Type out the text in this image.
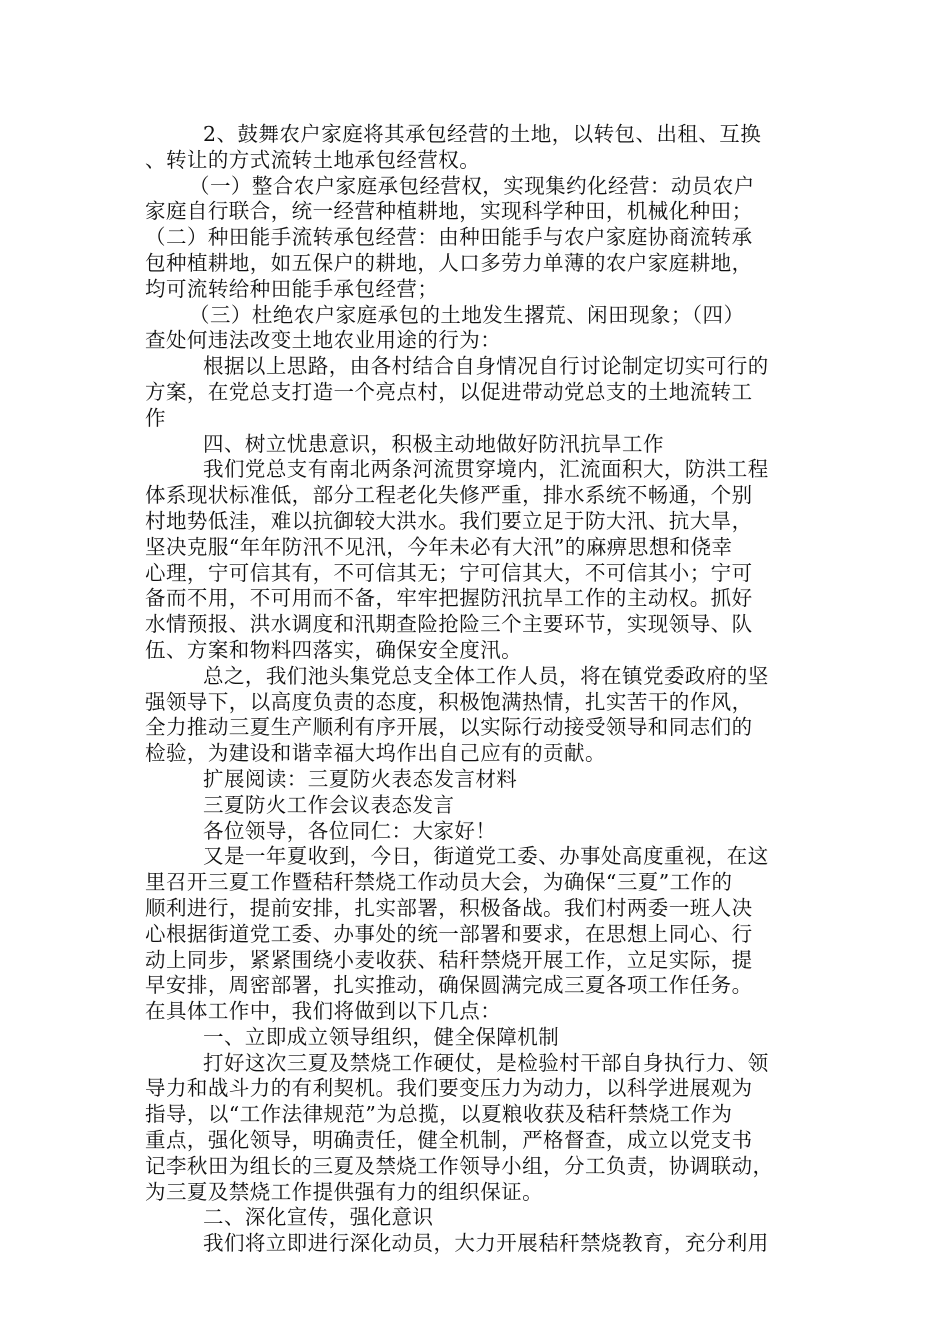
2、鼓舞农户家庭将其承包经营的土地，以转包、出租、互换
、转让的方式流转土地承包经营权。
（一）整合农户家庭承包经营权，实现集约化经营：动员农户
家庭自行联合，统一经营种植耕地，实现科学种田，机械化种田；
（二）种田能手流转承包经营：由种田能手与农户家庭协商流转承
包种植耕地，如五保户的耕地，人口多劳力单薄的农户家庭耕地，
均可流转给种田能手承包经营；
（三）杜绝农户家庭承包的土地发生撂荒、闲田现象；（四）
查处何违法改变土地农业用途的行为：
根据以上思路，由各村结合自身情况自行讨论制定切实可行的
方案，在党总支打造一个亮点村，以促进带动党总支的土地流转工
作
四、树立忧患意识，积极主动地做好防汛抗旱工作
我们党总支有南北两条河流贯穿境内，汇流面积大，防洪工程
体系现状标准低，部分工程老化失修严重，排水系统不畅通，个别
村地势低洼，难以抗御较大洪水。我们要立足于防大汛、抗大旱，
坚决克服“年年防汛不见汛，今年未必有大汛”的麻痹思想和侥幸
心理，宁可信其有，不可信其无；宁可信其大，不可信其小；宁可
备而不用，不可用而不备，牢牢把握防汛抗旱工作的主动权。抓好
水情预报、洪水调度和汛期查险抢险三个主要环节，实现领导、队
伍、方案和物料四落实，确保安全度汛。
总之，我们池头集党总支全体工作人员，将在镇党委政府的坚
强领导下，以高度负责的态度，积极饱满热情，扎实苦干的作风，
全力推动三夏生产顺利有序开展，以实际行动接受领导和同志们的
检验，为建设和谐幸福大坞作出自己应有的贡献。
扩展阅读：三夏防火表态发言材料
三夏防火工作会议表态发言
各位领导，各位同仁：大家好！
又是一年夏收到，今日，街道党工委、办事处高度重视，在这
里召开三夏工作暨秸秆禁烧工作动员大会，为确保“三夏”工作的
顺利进行，提前安排，扎实部署，积极备战。我们村两委一班人决
心根据街道党工委、办事处的统一部署和要求，在思想上同心、行
动上同步，紧紧围绕小麦收获、秸秆禁烧开展工作，立足实际，提
早安排，周密部署，扎实推动，确保圆满完成三夏各项工作任务。
在具体工作中，我们将做到以下几点：
一、立即成立领导组织，健全保障机制
打好这次三夏及禁烧工作硬仗，是检验村干部自身执行力、领
导力和战斗力的有利契机。我们要变压力为动力，以科学进展观为
指导，以“工作法律规范”为总揽，以夏粮收获及秸秆禁烧工作为
重点，强化领导，明确责任，健全机制，严格督查，成立以党支书
记李秋田为组长的三夏及禁烧工作领导小组，分工负责，协调联动，
为三夏及禁烧工作提供强有力的组织保证。
二、深化宣传，强化意识
我们将立即进行深化动员，大力开展秸秆禁烧教育，充分利用
